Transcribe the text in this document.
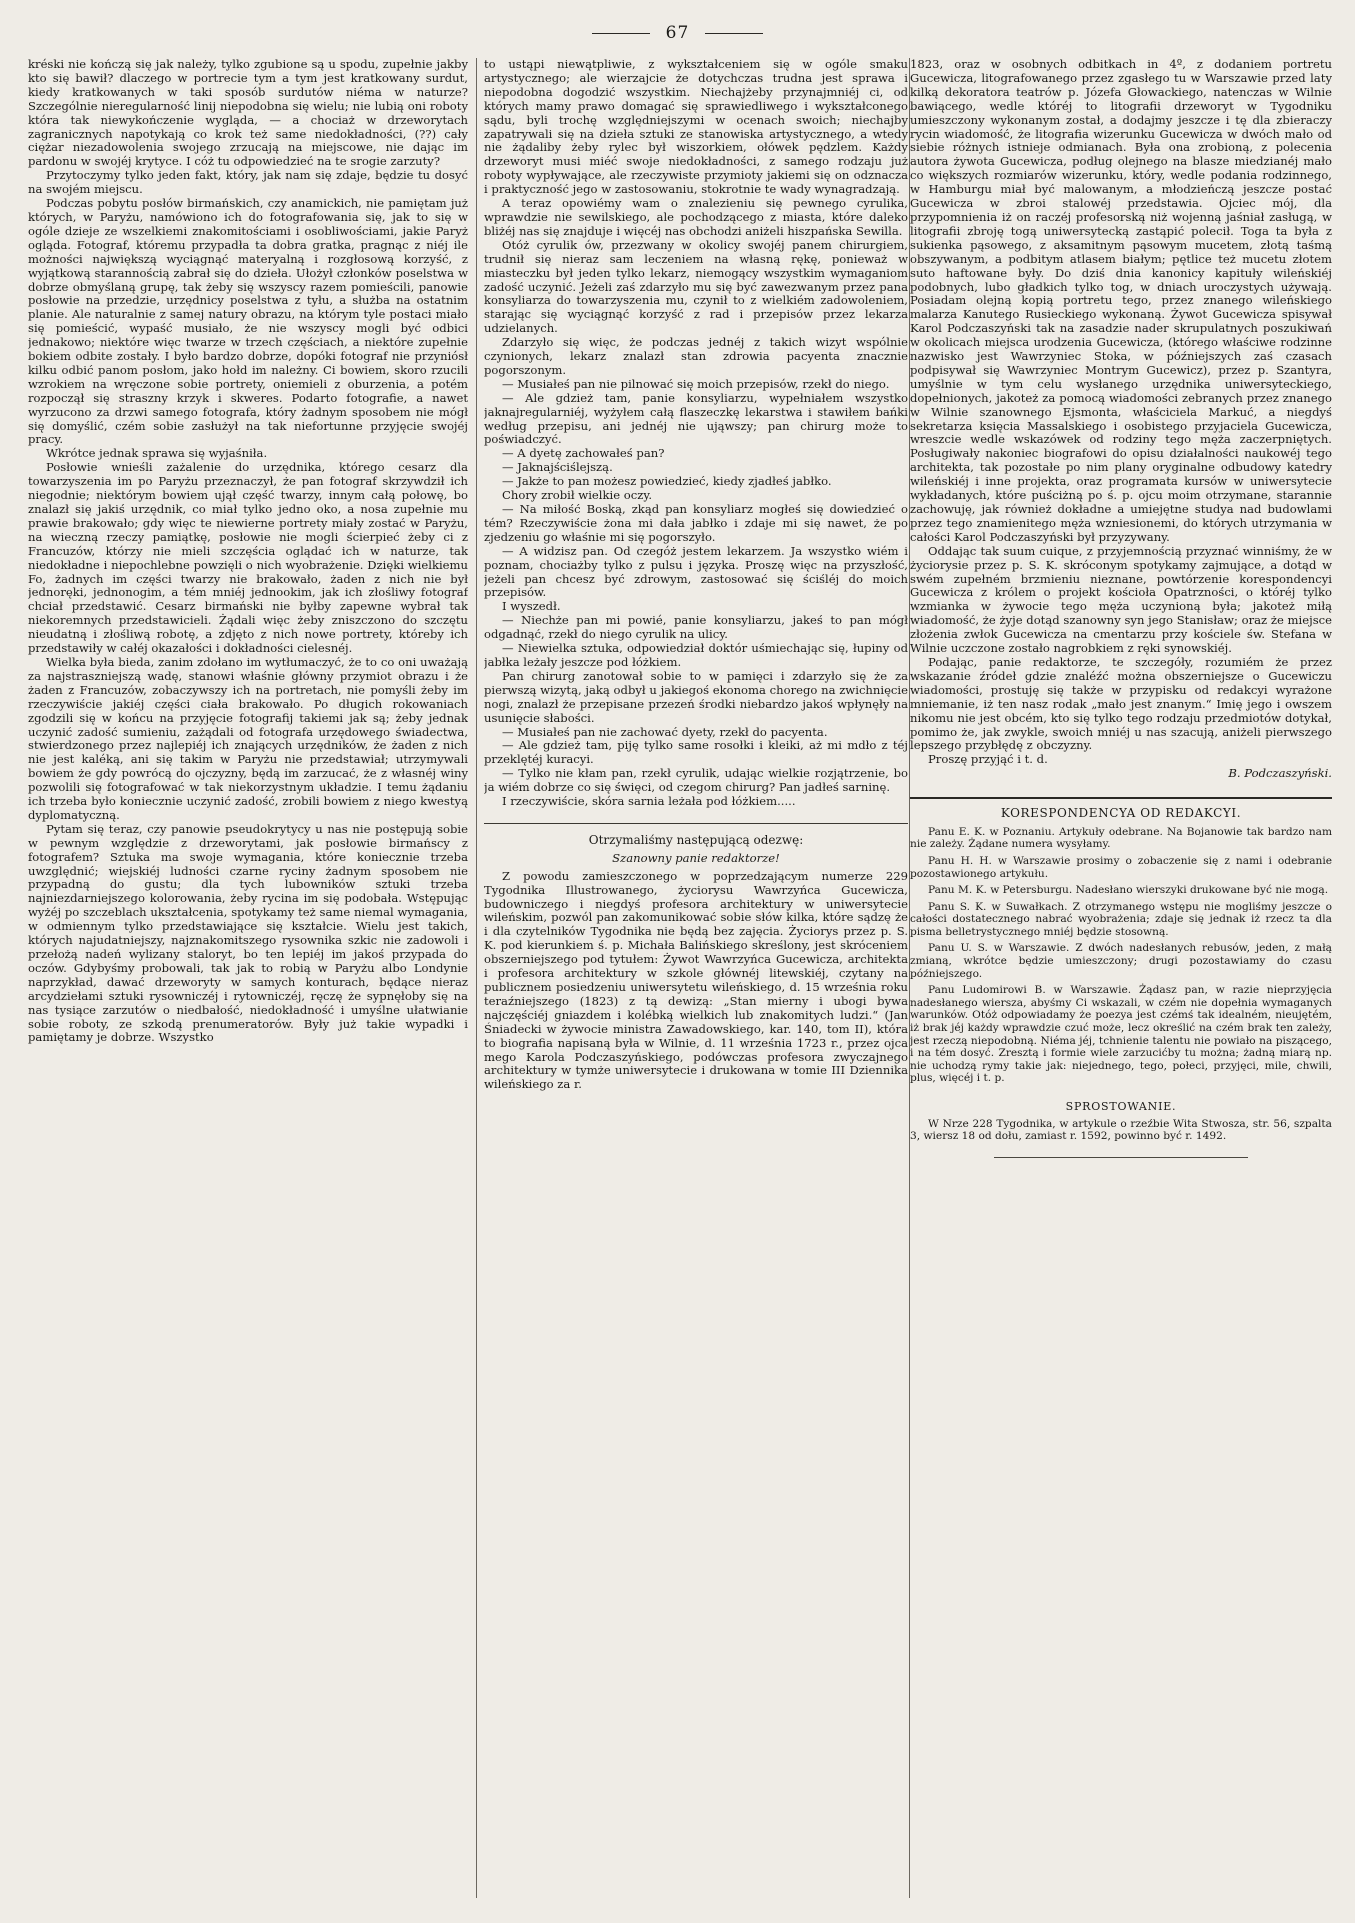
67

kréski nie kończą się jak należy, tylko zgubione są u spodu, zupełnie jakby kto się bawił? dlaczego w portrecie tym a tym jest kratkowany surdut, kiedy kratkowanych w taki sposób surdutów niéma w naturze? Szczególnie nieregularność linij niepodobna się wielu; nie lubią oni roboty która tak niewykończenie wygląda, — a chociaż w drzeworytach zagranicznych napotykają co krok też same niedokładności, (??) cały ciężar niezadowolenia swojego zrzucają na miejscowe, nie dając im pardonu w swojéj krytyce. I cóż tu odpowiedzieć na te srogie zarzuty?

Przytoczymy tylko jeden fakt, który, jak nam się zdaje, będzie tu dosyć na swojém miejscu.

Podczas pobytu posłów birmańskich, czy anamickich, nie pamiętam już których, w Paryżu, namówiono ich do fotografowania się, jak to się w ogóle dzieje ze wszelkiemi znakomitościami i osobliwościami, jakie Paryż ogląda. Fotograf, któremu przypadła ta dobra gratka, pragnąc z niéj ile możności największą wyciągnąć materyalną i rozgłosową korzyść, z wyjątkową starannością zabrał się do dzieła. Ułożył członków poselstwa w dobrze obmyślaną grupę, tak żeby się wszyscy razem pomieścili, panowie posłowie na przedzie, urzędnicy poselstwa z tyłu, a służba na ostatnim planie. Ale naturalnie z samej natury obrazu, na którym tyle postaci miało się pomieścić, wypaść musiało, że nie wszyscy mogli być odbici jednakowo; niektóre więc twarze w trzech częściach, a niektóre zupełnie bokiem odbite zostały. I było bardzo dobrze, dopóki fotograf nie przyniósł kilku odbić panom posłom, jako hołd im należny. Ci bowiem, skoro rzucili wzrokiem na wręczone sobie portrety, oniemieli z oburzenia, a potém rozpoczął się straszny krzyk i skweres. Podarto fotografie, a nawet wyrzucono za drzwi samego fotografa, który żadnym sposobem nie mógł się domyślić, czém sobie zasłużył na tak niefortunne przyjęcie swojéj pracy.

Wkrótce jednak sprawa się wyjaśniła.

Posłowie wnieśli zażalenie do urzędnika, którego cesarz dla towarzyszenia im po Paryżu przeznaczył, że pan fotograf skrzywdził ich niegodnie; niektórym bowiem ujął część twarzy, innym całą połowę, bo znalazł się jakiś urzędnik, co miał tylko jedno oko, a nosa zupełnie mu prawie brakowało; gdy więc te niewierne portrety miały zostać w Paryżu, na wieczną rzeczy pamiątkę, posłowie nie mogli ścierpieć żeby ci z Francuzów, którzy nie mieli szczęścia oglądać ich w naturze, tak niedokładne i niepochlebne powzięli o nich wyobrażenie. Dzięki wielkiemu Fo, żadnych im części twarzy nie brakowało, żaden z nich nie był jednoręki, jednonogim, a tém mniéj jednookim, jak ich złośliwy fotograf chciał przedstawić. Cesarz birmański nie byłby zapewne wybrał tak niekoremnych przedstawicieli. Żądali więc żeby zniszczono do szczętu nieudatną i złośliwą robotę, a zdjęto z nich nowe portrety, któreby ich przedstawiły w całéj okazałości i dokładności cielesnéj.

Wielka była bieda, zanim zdołano im wytłumaczyć, że to co oni uważają za najstraszniejszą wadę, stanowi właśnie główny przymiot obrazu i że żaden z Francuzów, zobaczywszy ich na portretach, nie pomyśli żeby im rzeczywiście jakiéj części ciała brakowało. Po długich rokowaniach zgodzili się w końcu na przyjęcie fotografij takiemi jak są; żeby jednak uczynić zadość sumieniu, zażądali od fotografa urzędowego świadectwa, stwierdzonego przez najlepiéj ich znających urzędników, że żaden z nich nie jest kaléką, ani się takim w Paryżu nie przedstawiał; utrzymywali bowiem że gdy powrócą do ojczyzny, będą im zarzucać, że z własnéj winy pozwolili się fotografować w tak niekorzystnym układzie. I temu żądaniu ich trzeba było koniecznie uczynić zadość, zrobili bowiem z niego kwestyą dyplomatyczną.

Pytam się teraz, czy panowie pseudokrytycy u nas nie postępują sobie w pewnym względzie z drzeworytami, jak posłowie birmańscy z fotografem? Sztuka ma swoje wymagania, które koniecznie trzeba uwzględnić; wiejskiéj ludności czarne ryciny żadnym sposobem nie przypadną do gustu; dla tych lubowników sztuki trzeba najniezdarniejszego kolorowania, żeby rycina im się podobała. Wstępując wyżéj po szczeblach ukształcenia, spotykamy też same niemal wymagania, w odmiennym tylko przedstawiające się kształcie. Wielu jest takich, których najudatniejszy, najznakomitszego rysownika szkic nie zadowoli i przełożą nadeń wylizany staloryt, bo ten lepiéj im jakoś przypada do oczów. Gdybyśmy probowali, tak jak to robią w Paryżu albo Londynie naprzykład, dawać drzeworyty w samych konturach, będące nieraz arcydziełami sztuki rysowniczéj i rytowniczéj, ręczę że sypnęłoby się na nas tysiące zarzutów o niedbałość, niedokładność i umyślne ułatwianie sobie roboty, ze szkodą prenumeratorów. Były już takie wypadki i pamiętamy je dobrze. Wszystko

to ustąpi niewątpliwie, z wykształceniem się w ogóle smaku artystycznego; ale wierzajcie że dotychczas trudna jest sprawa i niepodobna dogodzić wszystkim. Niechajżeby przynajmniéj ci, od których mamy prawo domagać się sprawiedliwego i wykształconego sądu, byli trochę względniejszymi w ocenach swoich; niechajby zapatrywali się na dzieła sztuki ze stanowiska artystycznego, a wtedy nie żądaliby żeby rylec był wiszorkiem, ołówek pędzlem. Każdy drzeworyt musi miéć swoje niedokładności, z samego rodzaju już roboty wypływające, ale rzeczywiste przymioty jakiemi się on odznacza i praktyczność jego w zastosowaniu, stokrotnie te wady wynagradzają.

A teraz opowiémy wam o znalezieniu się pewnego cyrulika, wprawdzie nie sewilskiego, ale pochodzącego z miasta, które daleko bliżéj nas się znajduje i więcéj nas obchodzi aniżeli hiszpańska Sewilla.

Otóż cyrulik ów, przezwany w okolicy swojéj panem chirurgiem, trudnił się nieraz sam leczeniem na własną rękę, ponieważ w miasteczku był jeden tylko lekarz, niemogący wszystkim wymaganiom zadość uczynić. Jeżeli zaś zdarzyło mu się być zawezwanym przez pana konsyliarza do towarzyszenia mu, czynił to z wielkiém zadowoleniem, starając się wyciągnąć korzyść z rad i przepisów przez lekarza udzielanych.

Zdarzyło się więc, że podczas jednéj z takich wizyt wspólnie czynionych, lekarz znalazł stan zdrowia pacyenta znacznie pogorszonym.

— Musiałeś pan nie pilnować się moich przepisów, rzekł do niego.

— Ale gdzież tam, panie konsyliarzu, wypełniałem wszystko jaknajregularniéj, wyżyłem całą flaszeczkę lekarstwa i stawiłem bańki według przepisu, ani jednéj nie ująwszy; pan chirurg może to poświadczyć.

— A dyetę zachowałeś pan?

— Jaknajściślejszą.

— Jakże to pan możesz powiedzieć, kiedy zjadłeś jabłko.

Chory zrobił wielkie oczy.

— Na miłość Boską, zkąd pan konsyliarz mogłeś się dowiedzieć o tém? Rzeczywiście żona mi dała jabłko i zdaje mi się nawet, że po zjedzeniu go właśnie mi się pogorszyło.

— A widzisz pan. Od czegóż jestem lekarzem. Ja wszystko wiém i poznam, chociażby tylko z pulsu i języka. Proszę więc na przyszłość, jeżeli pan chcesz być zdrowym, zastosować się ściśléj do moich przepisów.

I wyszedł.

— Niechże pan mi powié, panie konsyliarzu, jakeś to pan mógł odgadnąć, rzekł do niego cyrulik na ulicy.

— Niewielka sztuka, odpowiedział doktór uśmiechając się, łupiny od jabłka leżały jeszcze pod łóżkiem.

Pan chirurg zanotował sobie to w pamięci i zdarzyło się że za pierwszą wizytą, jaką odbył u jakiegoś ekonoma chorego na zwichnięcie nogi, znalazł że przepisane przezeń środki niebardzo jakoś wpłynęły na usunięcie słabości.

— Musiałeś pan nie zachować dyety, rzekł do pacyenta.

— Ale gdzież tam, piję tylko same rosołki i kleiki, aż mi mdło z téj przeklętéj kuracyi.

— Tylko nie kłam pan, rzekł cyrulik, udając wielkie rozjątrzenie, bo ja wiém dobrze co się święci, od czegom chirurg? Pan jadłeś sarninę.

I rzeczywiście, skóra sarnia leżała pod łóżkiem.....

Otrzymaliśmy następującą odezwę:

Szanowny panie redaktorze!

Z powodu zamieszczonego w poprzedzającym numerze 229 Tygodnika Illustrowanego, życiorysu Wawrzyńca Gucewicza, budowniczego i niegdyś profesora architektury w uniwersytecie wileńskim, pozwól pan zakomunikować sobie słów kilka, które sądzę że i dla czytelników Tygodnika nie będą bez zajęcia. Życiorys przez p. S. K. pod kierunkiem ś. p. Michała Balińskiego skreślony, jest skróceniem obszerniejszego pod tytułem: Żywot Wawrzyńca Gucewicza, architekta i profesora architektury w szkole głównéj litewskiéj, czytany na publicznem posiedzeniu uniwersytetu wileńskiego, d. 15 września roku teraźniejszego (1823) z tą dewizą: „Stan mierny i ubogi bywa najczęściéj gniazdem i kolébką wielkich lub znakomitych ludzi.“ (Jan Śniadecki w żywocie ministra Zawadowskiego, kar. 140, tom II), która to biografia napisaną była w Wilnie, d. 11 września 1723 r., przez ojca mego Karola Podczaszyńskiego, podówczas profesora zwyczajnego architektury w tymże uniwersytecie i drukowana w tomie III Dziennika wileńskiego za r.

1823, oraz w osobnych odbitkach in 4º, z dodaniem portretu Gucewicza, litografowanego przez zgasłego tu w Warszawie przed laty kilką dekoratora teatrów p. Józefa Głowackiego, natenczas w Wilnie bawiącego, wedle któréj to litografii drzeworyt w Tygodniku umieszczony wykonanym został, a dodajmy jeszcze i tę dla zbieraczy rycin wiadomość, że litografia wizerunku Gucewicza w dwóch mało od siebie różnych istnieje odmianach. Była ona zrobioną, z polecenia autora żywota Gucewicza, podług olejnego na blasze miedzianéj mało co większych rozmiarów wizerunku, który, wedle podania rodzinnego, w Hamburgu miał być malowanym, a młodzieńczą jeszcze postać Gucewicza w zbroi stalowéj przedstawia. Ojciec mój, dla przypomnienia iż on raczéj profesorską niż wojenną jaśniał zasługą, w litografii zbroję togą uniwersytecką zastąpić polecił. Toga ta była z sukienka pąsowego, z aksamitnym pąsowym mucetem, złotą taśmą obszywanym, a podbitym atlasem białym; pętlice też mucetu złotem suto haftowane były. Do dziś dnia kanonicy kapituły wileńskiéj podobnych, lubo gładkich tylko tog, w dniach uroczystych używają. Posiadam olejną kopią portretu tego, przez znanego wileńskiego malarza Kanutego Rusieckiego wykonaną. Żywot Gucewicza spisywał Karol Podczaszyński tak na zasadzie nader skrupulatnych poszukiwań w okolicach miejsca urodzenia Gucewicza, (którego właściwe rodzinne nazwisko jest Wawrzyniec Stoka, w późniejszych zaś czasach podpisywał się Wawrzyniec Montrym Gucewicz), przez p. Szantyra, umyślnie w tym celu wysłanego urzędnika uniwersyteckiego, dopełnionych, jakoteż za pomocą wiadomości zebranych przez znanego w Wilnie szanownego Ejsmonta, właściciela Markuć, a niegdyś sekretarza księcia Massalskiego i osobistego przyjaciela Gucewicza, wreszcie wedle wskazówek od rodziny tego męża zaczerpniętych. Posługiwały nakoniec biografowi do opisu działalności naukowéj tego architekta, tak pozostałe po nim plany oryginalne odbudowy katedry wileńskiéj i inne projekta, oraz programata kursów w uniwersytecie wykładanych, które puściżną po ś. p. ojcu moim otrzymane, starannie zachowuję, jak również dokładne a umiejętne studya nad budowlami przez tego znamienitego męża wzniesionemi, do których utrzymania w całości Karol Podczaszyński był przyzywany.

Oddając tak suum cuique, z przyjemnością przyznać winniśmy, że w życiorysie przez p. S. K. skróconym spotykamy zajmujące, a dotąd w swém zupełném brzmieniu nieznane, powtórzenie korespondencyi Gucewicza z królem o projekt kościoła Opatrzności, o któréj tylko wzmianka w żywocie tego męża uczynioną była; jakoteż miłą wiadomość, że żyje dotąd szanowny syn jego Stanisław; oraz że miejsce złożenia zwłok Gucewicza na cmentarzu przy kościele św. Stefana w Wilnie uczczone zostało nagrobkiem z ręki synowskiéj.

Podając, panie redaktorze, te szczegóły, rozumiém że przez wskazanie źródeł gdzie znaléźć można obszerniejsze o Gucewiczu wiadomości, prostuję się także w przypisku od redakcyi wyrażone mniemanie, iż ten nasz rodak „mało jest znanym.“ Imię jego i owszem nikomu nie jest obcém, kto się tylko tego rodzaju przedmiotów dotykał, pomimo że, jak zwykle, swoich mniéj u nas szacują, aniżeli pierwszego lepszego przybłędę z obczyzny.

Proszę przyjąć i t. d.

B. Podczaszyński.

KORESPONDENCYA OD REDAKCYI.

Panu E. K. w Poznaniu. Artykuły odebrane. Na Bojanowie tak bardzo nam nie zależy. Żądane numera wysyłamy.

Panu H. H. w Warszawie prosimy o zobaczenie się z nami i odebranie pozostawionego artykułu.

Panu M. K. w Petersburgu. Nadesłano wierszyki drukowane być nie mogą.

Panu S. K. w Suwałkach. Z otrzymanego wstępu nie mogliśmy jeszcze o całości dostatecznego nabrać wyobrażenia; zdaje się jednak iż rzecz ta dla pisma belletrystycznego mniéj będzie stosowną.

Panu U. S. w Warszawie. Z dwóch nadesłanych rebusów, jeden, z małą zmianą, wkrótce będzie umieszczony; drugi pozostawiamy do czasu późniejszego.

Panu Ludomirowi B. w Warszawie. Żądasz pan, w razie nieprzyjęcia nadesłanego wiersza, abyśmy Ci wskazali, w czém nie dopełnia wymaganych warunków. Otóż odpowiadamy że poezya jest czémś tak idealném, nieujętém, iż brak jéj każdy wprawdzie czuć może, lecz określić na czém brak ten zależy, jest rzeczą niepodobną. Niéma jéj, tchnienie talentu nie powiało na piszącego, i na tém dosyć. Zresztą i formie wiele zarzucićby tu można; żadną miarą np. nie uchodzą rymy takie jak: niejednego, tego, połeci, przyjęci, mile, chwili, plus, więcéj i t. p.

SPROSTOWANIE.

W Nrze 228 Tygodnika, w artykule o rzeźbie Wita Stwosza, str. 56, szpalta 3, wiersz 18 od dołu, zamiast r. 1592, powinno być r. 1492.
